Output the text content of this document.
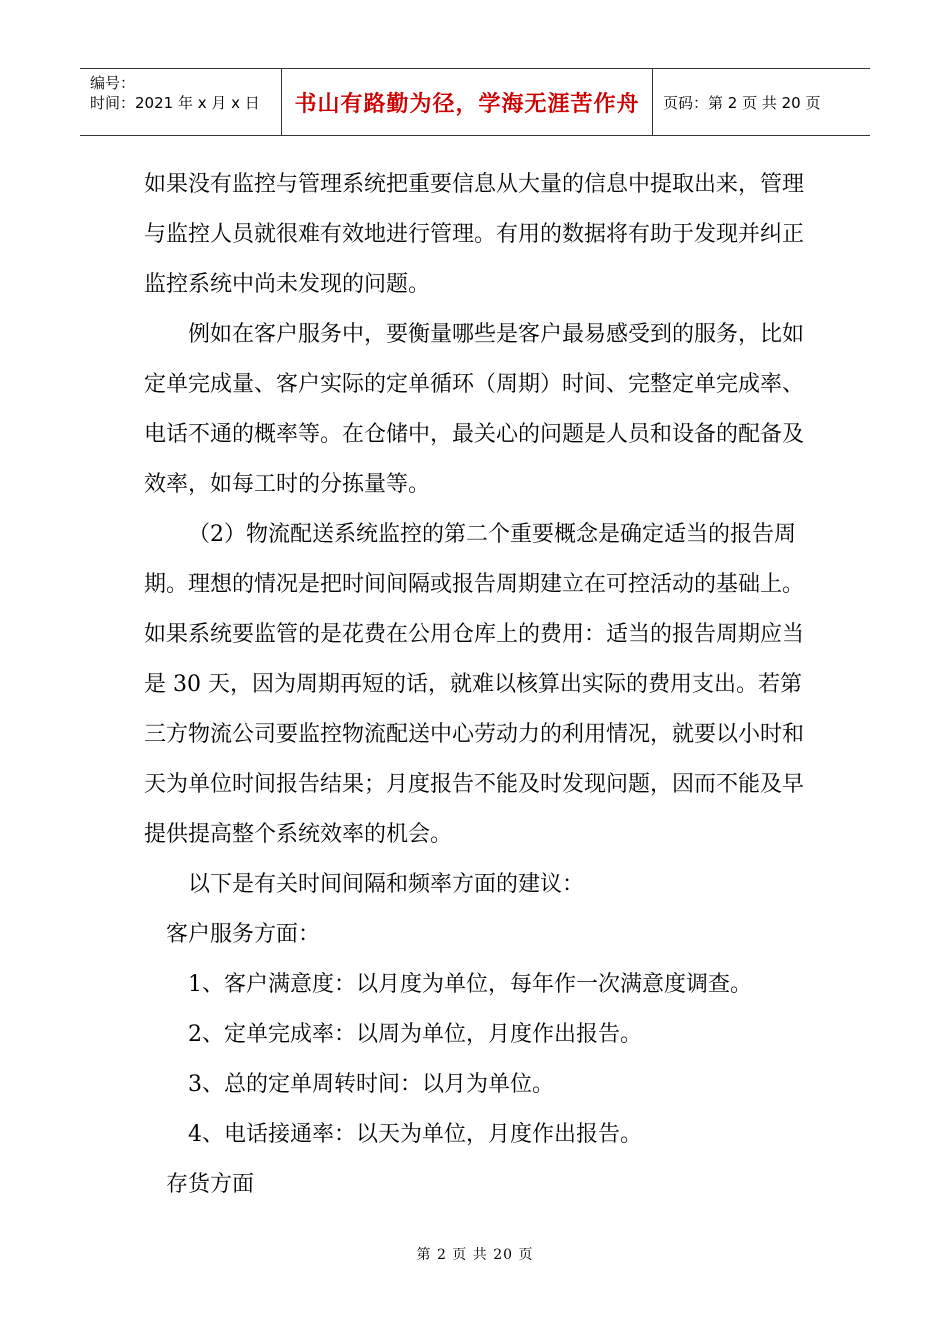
编号：
时间：2021 年 x 月 x 日	书山有路勤为径，学海无涯苦作舟	页码：第 2 页 共 20 页

如果没有监控与管理系统把重要信息从大量的信息中提取出来，管理与监控人员就很难有效地进行管理。有用的数据将有助于发现并纠正监控系统中尚未发现的问题。

例如在客户服务中，要衡量哪些是客户最易感受到的服务，比如定单完成量、客户实际的定单循环（周期）时间、完整定单完成率、电话不通的概率等。在仓储中，最关心的问题是人员和设备的配备及效率，如每工时的分拣量等。

（2）物流配送系统监控的第二个重要概念是确定适当的报告周期。理想的情况是把时间间隔或报告周期建立在可控活动的基础上。如果系统要监管的是花费在公用仓库上的费用：适当的报告周期应当是 30 天，因为周期再短的话，就难以核算出实际的费用支出。若第三方物流公司要监控物流配送中心劳动力的利用情况，就要以小时和天为单位时间报告结果；月度报告不能及时发现问题，因而不能及早提供提高整个系统效率的机会。

以下是有关时间间隔和频率方面的建议：

客户服务方面：

1、客户满意度：以月度为单位，每年作一次满意度调查。

2、定单完成率：以周为单位，月度作出报告。

3、总的定单周转时间：以月为单位。

4、电话接通率：以天为单位，月度作出报告。

存货方面

第 2 页 共 20 页
